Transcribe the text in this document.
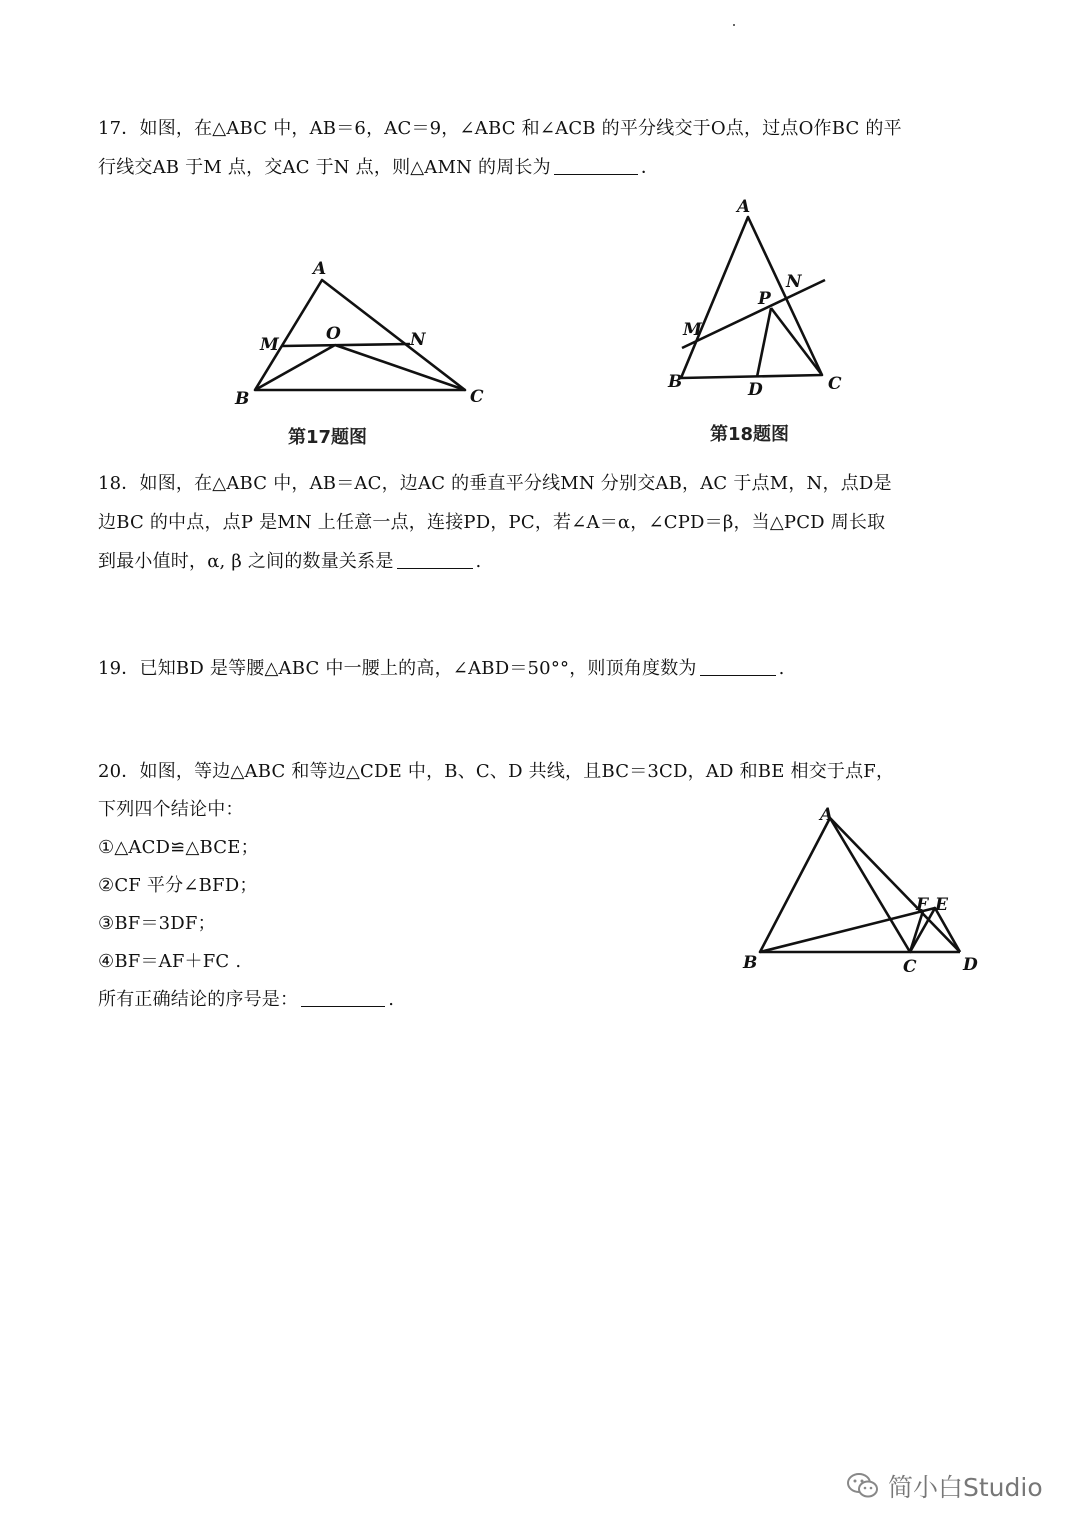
17．如图，在△ABC 中，AB＝6，AC＝9，∠ABC 和∠ACB 的平分线交于O点，过点O作BC 的平
行线交AB 于M 点，交AC 于N 点，则△AMN 的周长为	．
A
B	C
M	N
O
第17题图
A
B	C
D
M
N
P
第18题图
18．如图，在△ABC 中，AB＝AC，边AC 的垂直平分线MN 分别交AB，AC 于点M，N，点D是
边BC 的中点，点P 是MN 上任意一点，连接PD，PC，若∠A＝α，∠CPD＝β，当△PCD 周长取
到最小值时，α, β 之间的数量关系是	.
19．已知BD 是等腰△ABC 中一腰上的高，∠ABD＝50°°，则顶角度数为	.
20．如图，等边△ABC 和等边△CDE 中，B、C、D 共线，且BC＝3CD，AD 和BE 相交于点F，
下列四个结论中：
①△ACD≌△BCE；
②CF 平分∠BFD；
③BF＝3DF；
④BF＝AF＋FC .
所有正确结论的序号是：	.
A
B	C	D
E
F
简小白Studio
